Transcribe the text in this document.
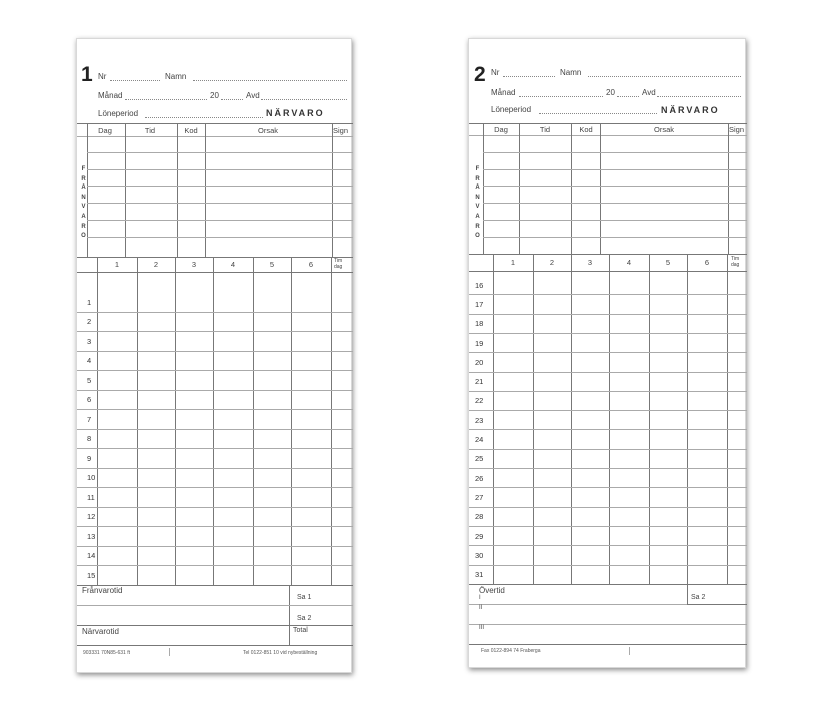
1 Nr	Namn
Månad	20	Avd
Löneperiod	NÄRVARO
Dag	Tid	Kod	Orsak	Sign
F
R
Å
N
V
A
R
O
1	2	3	4	5	6	Tim
dag
1
2
3
4
5
6
7
8
9
10
11
12
13
14
15
Frånvarotid
Sa 1
Sa 2
Närvarotid	Total
903331 70N85-631 ft	Tel 0122-851 10 vid nybeställning
2 Nr	Namn
Månad	20	Avd
Löneperiod	NÄRVARO
Dag	Tid	Kod	Orsak	Sign
F
R
Å
N
V
A
R
O
1	2	3	4	5	6	Tim
dag
16
17
18
19
20
21
22
23
24
25
26
27
28
29
30
31
Övertid
I	Sa 2
II
III
Fax 0122-894 74 Fraberga
